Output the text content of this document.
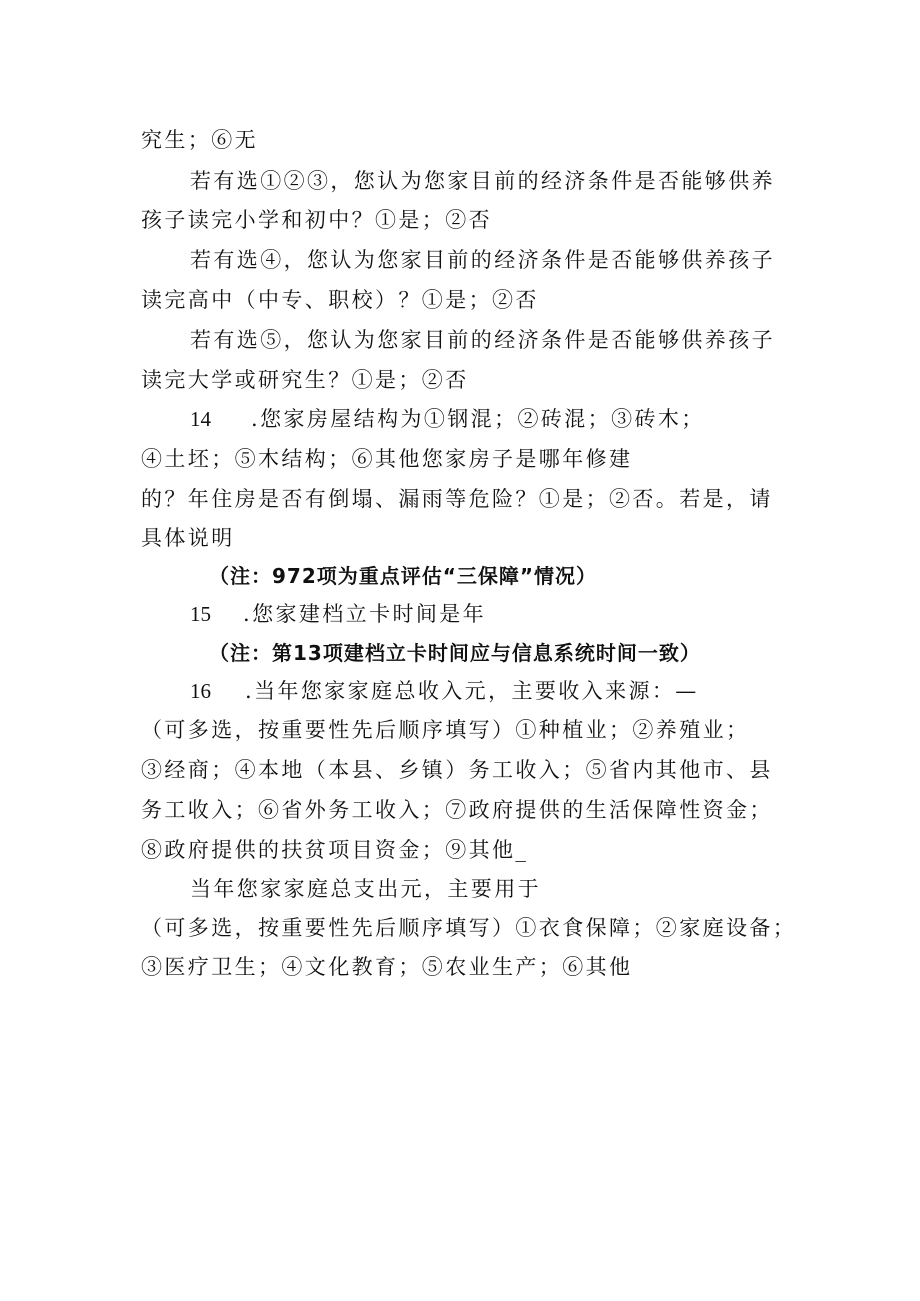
究生；⑥无
若有选①②③，您认为您家目前的经济条件是否能够供养
孩子读完小学和初中？①是；②否
若有选④，您认为您家目前的经济条件是否能够供养孩子
读完高中（中专、职校）？①是；②否
若有选⑤，您认为您家目前的经济条件是否能够供养孩子
读完大学或研究生？①是；②否
14 .您家房屋结构为①钢混；②砖混；③砖木；
④土坯；⑤木结构；⑥其他您家房子是哪年修建
的？年住房是否有倒塌、漏雨等危险？①是；②否。若是，请
具体说明
（注：972项为重点评估“三保障”情况）
15 .您家建档立卡时间是年
（注：第13项建档立卡时间应与信息系统时间一致）
16 .当年您家家庭总收入元，主要收入来源：—
（可多选，按重要性先后顺序填写）①种植业；②养殖业；
③经商；④本地（本县、乡镇）务工收入；⑤省内其他市、县
务工收入；⑥省外务工收入；⑦政府提供的生活保障性资金；
⑧政府提供的扶贫项目资金；⑨其他_
当年您家家庭总支出元，主要用于
（可多选，按重要性先后顺序填写）①衣食保障；②家庭设备；
③医疗卫生；④文化教育；⑤农业生产；⑥其他
